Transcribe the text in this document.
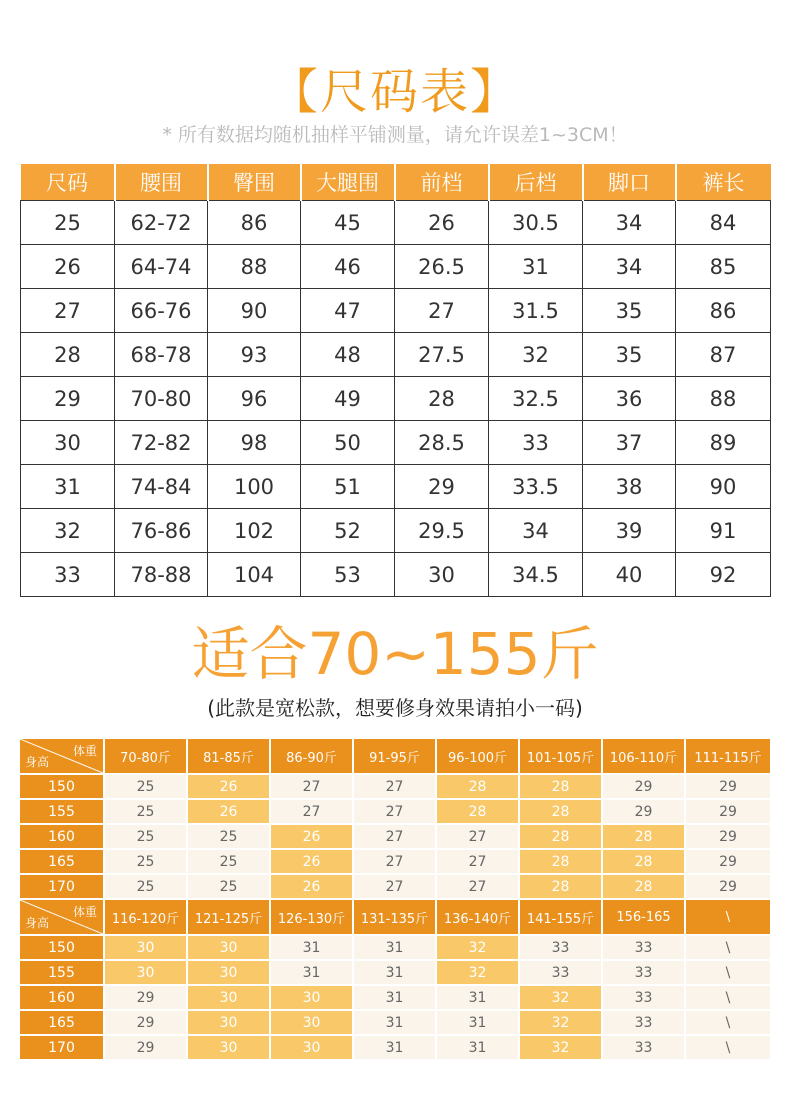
【尺码表】
* 所有数据均随机抽样平铺测量，请允许误差1~3CM！
尺码	腰围	臀围	大腿围	前档	后档	脚口	裤长
25	62-72	86	45	26	30.5	34	84
26	64-74	88	46	26.5	31	34	85
27	66-76	90	47	27	31.5	35	86
28	68-78	93	48	27.5	32	35	87
29	70-80	96	49	28	32.5	36	88
30	72-82	98	50	28.5	33	37	89
31	74-84	100	51	29	33.5	38	90
32	76-86	102	52	29.5	34	39	91
33	78-88	104	53	30	34.5	40	92
适合70~155斤
(此款是宽松款，想要修身效果请拍小一码)
体重
身高	70-80斤	81-85斤	86-90斤	91-95斤	96-100斤	101-105斤	106-110斤	111-115斤
150	25	26	27	27	28	28	29	29
155	25	26	27	27	28	28	29	29
160	25	25	26	27	27	28	28	29
165	25	25	26	27	27	28	28	29
170	25	25	26	27	27	28	28	29

体重
身高	116-120斤	121-125斤	126-130斤	131-135斤	136-140斤	141-155斤	156-165	\
150	30	30	31	31	32	33	33	\
155	30	30	31	31	32	33	33	\
160	29	30	30	31	31	32	33	\
165	29	30	30	31	31	32	33	\
170	29	30	30	31	31	32	33	\
